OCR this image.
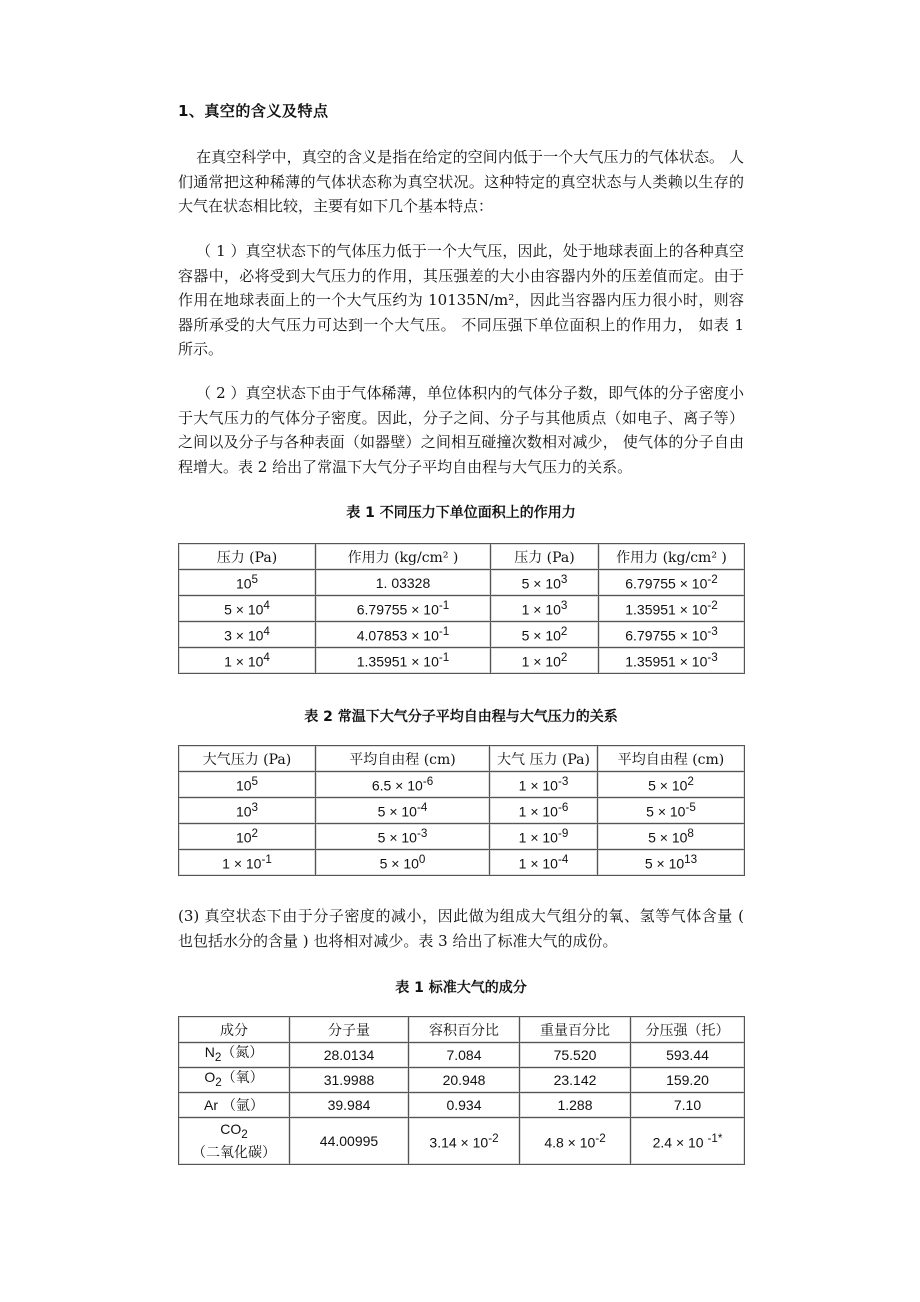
1、真空的含义及特点

在真空科学中，真空的含义是指在给定的空间内低于一个大气压力的气体状态。 人们通常把这种稀薄的气体状态称为真空状况。这种特定的真空状态与人类赖以生存的大气在状态相比较，主要有如下几个基本特点：

（ 1 ）真空状态下的气体压力低于一个大气压，因此，处于地球表面上的各种真空容器中，必将受到大气压力的作用，其压强差的大小由容器内外的压差值而定。由于作用在地球表面上的一个大气压约为 10135N/m²，因此当容器内压力很小时，则容器所承受的大气压力可达到一个大气压。 不同压强下单位面积上的作用力， 如表 1 所示。

（ 2 ）真空状态下由于气体稀薄，单位体积内的气体分子数，即气体的分子密度小于大气压力的气体分子密度。因此，分子之间、分子与其他质点（如电子、离子等）之间以及分子与各种表面（如器壁）之间相互碰撞次数相对减少， 使气体的分子自由程增大。表 2 给出了常温下大气分子平均自由程与大气压力的关系。

表 1 不同压力下单位面积上的作用力
压力 (Pa)	作用力 (kg/cm² )	压力 (Pa)	作用力 (kg/cm² )
$10^5$	1. 03328	$5 \times 10^3$	$6.79755 \times 10^{-2}$
$5 \times 10^4$	$6.79755 \times 10^{-1}$	$1 \times 10^3$	$1.35951 \times 10^{-2}$
$3 \times 10^4$	$4.07853 \times 10^{-1}$	$5 \times 10^2$	$6.79755 \times 10^{-3}$
$1 \times 10^4$	$1.35951 \times 10^{-1}$	$1 \times 10^2$	$1.35951 \times 10^{-3}$
表 2 常温下大气分子平均自由程与大气压力的关系
大气压力 (Pa)	平均自由程 (cm)	大气 压力 (Pa)	平均自由程 (cm)
$10^5$	$6.5 \times 10^{-6}$	$1 \times 10^{-3}$	$5 \times 10^2$
$10^3$	$5 \times 10^{-4}$	$1 \times 10^{-6}$	$5 \times 10^{-5}$
$10^2$	$5 \times 10^{-3}$	$1 \times 10^{-9}$	$5 \times 10^8$
$1 \times 10^{-1}$	$5 \times 10^0$	$1 \times 10^{-4}$	$5 \times 10^{13}$

(3) 真空状态下由于分子密度的减小，因此做为组成大气组分的氧、氢等气体含量 ( 也包括水分的含量 ) 也将相对减少。表 3 给出了标准大气的成份。

表 1 标准大气的成分
成分	分子量	容积百分比	重量百分比	分压强（托）
$N_2$（氮）	28.0134	7.084	75.520	593.44
$O_2$（氧）	31.9988	20.948	23.142	159.20
Ar （氩）	39.984	0.934	1.288	7.10
$CO_2$ （二氧化碳）	44.00995	$3.14 \times 10^{-2}$	$4.8 \times 10^{-2}$	2.4 × 10 $^{-1*}$
